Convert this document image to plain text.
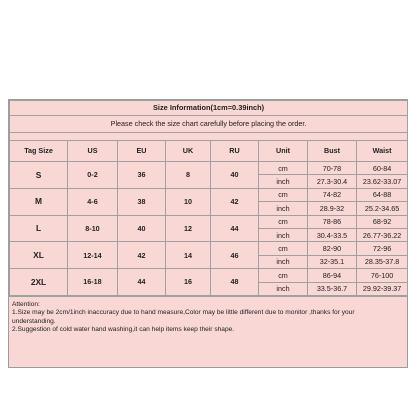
Size Information(1cm=0.39inch)							
Please check the size chart carefully before placing the order.							

Tag Size	US	EU	UK	RU	Unit	Bust	Waist
S	0-2	36	8	40	cm	70-78	60-84
					inch	27.3-30.4	23.62-33.07
M	4-6	38	10	42	cm	74-82	64-88
					inch	28.9-32	25.2-34.65
L	8-10	40	12	44	cm	78-86	68-92
					inch	30.4-33.5	26.77-36.22
XL	12-14	42	14	46	cm	82-90	72-96
					inch	32-35.1	28.35-37.8
2XL	16-18	44	16	48	cm	86-94	76-100
					inch	33.5-36.7	29.92-39.37
Attention:
1.Size may be 2cm/1inch inaccuracy due to hand measure,Color may be little different due to monitor ,thanks for your
understanding.
2.Suggestion of cold water hand washing,it can help items keep their shape.
